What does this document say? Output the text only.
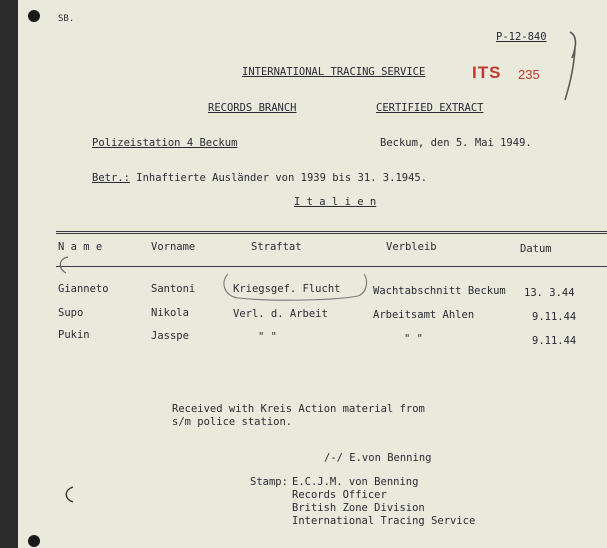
SB.
P-12-840
INTERNATIONAL TRACING SERVICE	ITS 235
RECORDS BRANCH	CERTIFIED EXTRACT
Polizeistation 4 Beckum	Beckum, den 5. Mai 1949.
Betr.: Inhaftierte Ausländer von 1939 bis 31. 3.1945.
I t a l i e n
N a m e	Vorname	Straftat	Verbleib	Datum
Gianneto	Santoni	Kriegsgef. Flucht	Wachtabschnitt Beckum 13. 3.44
Supo	Nikola	Verl. d. Arbeit	Arbeitsamt Ahlen	9.11.44
Pukin	Jasspe	" "	" "	9.11.44
Received with Kreis Action material from
s/m police station.
/-/ E.von Benning
Stamp: E.C.J.M. von Benning
Records Officer
British Zone Division
International Tracing Service
